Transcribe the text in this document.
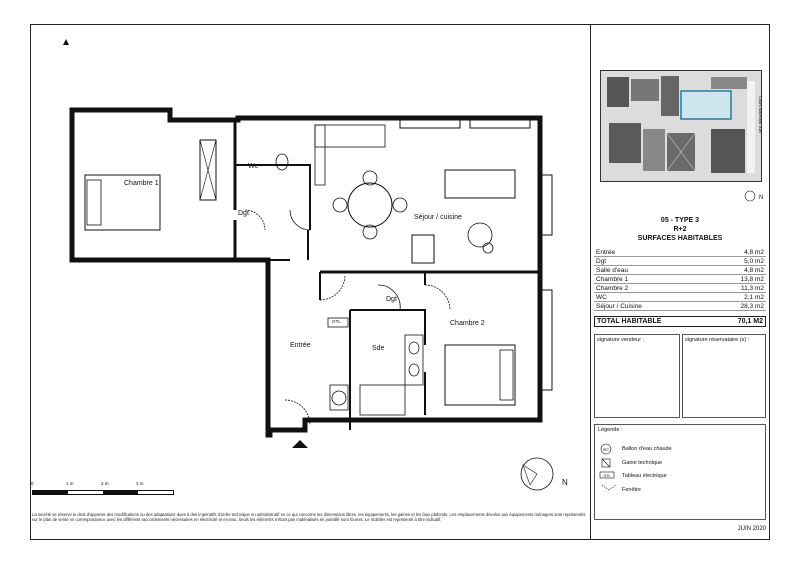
Chambre 1
Wc
Dgt
Séjour / cuisine
Dgt
Entrée	Sde
Chambre 2
GTL
0	1 m	2 m	3 m	N
Cours Maréchal Juin
N
05 - TYPE 3
R+2
SURFACES HABITABLES
Entrée	4,8 m2
Dgt	5,0 m2
Salle d'eau	4,8 m2
Chambre 1	13,8 m2
Chambre 2	11,3 m2
WC	2,1 m2
Séjour / Cuisine	28,3 m2
TOTAL HABITABLE	70,1 M2
signature vendeur :	signature réservataire (s) :
Légende :
BEC Ballon d'eau chaude
Gaine technique
GTL Tableau électrique
Fenêtre
La société se réserve le droit d'apporter des modifications ou des adaptations dues à des impératifs d'ordre technique ou administratif en ce qui concerne les dimensions libres, les équipements, les gaines et les faux plafonds. Les emplacements dévolus aux équipements ménagers sont représentés sur le plan de vente en correspondance avec les différents raccordements nécessaires en électricité et en eau. Seuls les éléments n'étant pas matérialisés en pointillé sont fournis. Le mobilier est représenté à titre indicatif.
JUIN 2020
